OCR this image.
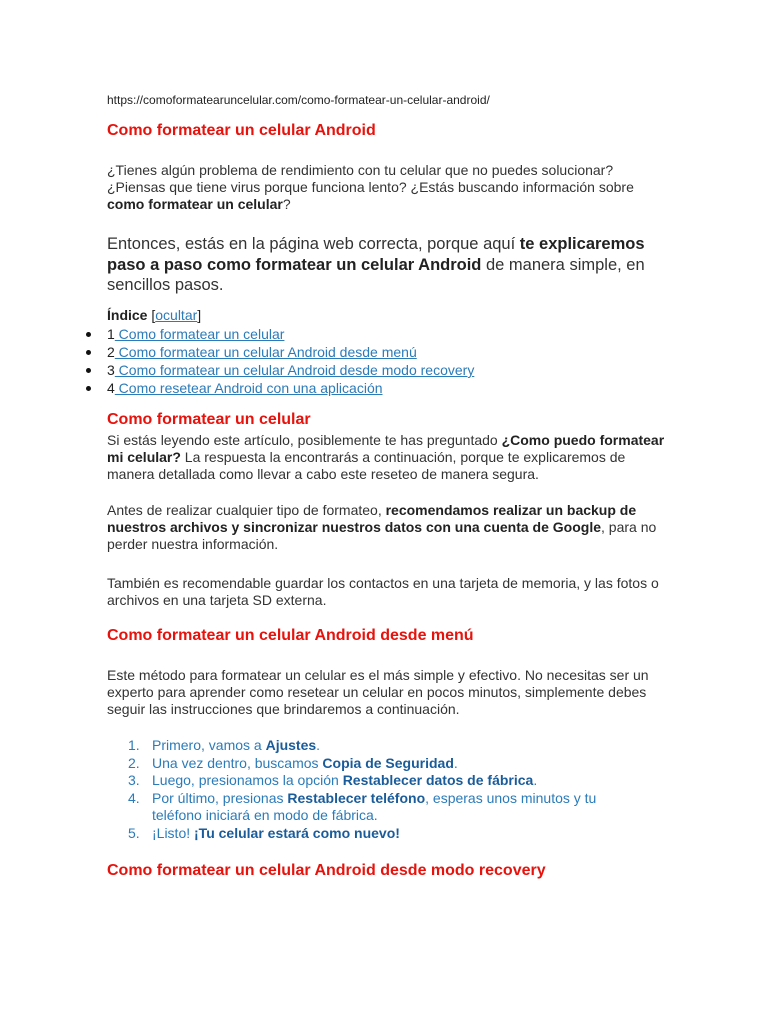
https://comoformatearuncelular.com/como-formatear-un-celular-android/
Como formatear un celular Android

¿Tienes algún problema de rendimiento con tu celular que no puedes solucionar? ¿Piensas que tiene virus porque funciona lento? ¿Estás buscando información sobre como formatear un celular?

Entonces, estás en la página web correcta, porque aquí te explicaremos paso a paso como formatear un celular Android de manera simple, en sencillos pasos.

Índice [ocultar]
1 Como formatear un celular
2 Como formatear un celular Android desde menú
3 Como formatear un celular Android desde modo recovery
4 Como resetear Android con una aplicación
Como formatear un celular

Si estás leyendo este artículo, posiblemente te has preguntado ¿Como puedo formatear mi celular? La respuesta la encontrarás a continuación, porque te explicaremos de manera detallada como llevar a cabo este reseteo de manera segura.

Antes de realizar cualquier tipo de formateo, recomendamos realizar un backup de nuestros archivos y sincronizar nuestros datos con una cuenta de Google, para no perder nuestra información.

También es recomendable guardar los contactos en una tarjeta de memoria, y las fotos o archivos en una tarjeta SD externa.

Como formatear un celular Android desde menú

Este método para formatear un celular es el más simple y efectivo. No necesitas ser un experto para aprender como resetear un celular en pocos minutos, simplemente debes seguir las instrucciones que brindaremos a continuación.

1. Primero, vamos a Ajustes.
2. Una vez dentro, buscamos Copia de Seguridad.
3. Luego, presionamos la opción Restablecer datos de fábrica.
4. Por último, presionas Restablecer teléfono, esperas unos minutos y tu teléfono iniciará en modo de fábrica.
5. ¡Listo! ¡Tu celular estará como nuevo!
Como formatear un celular Android desde modo recovery
